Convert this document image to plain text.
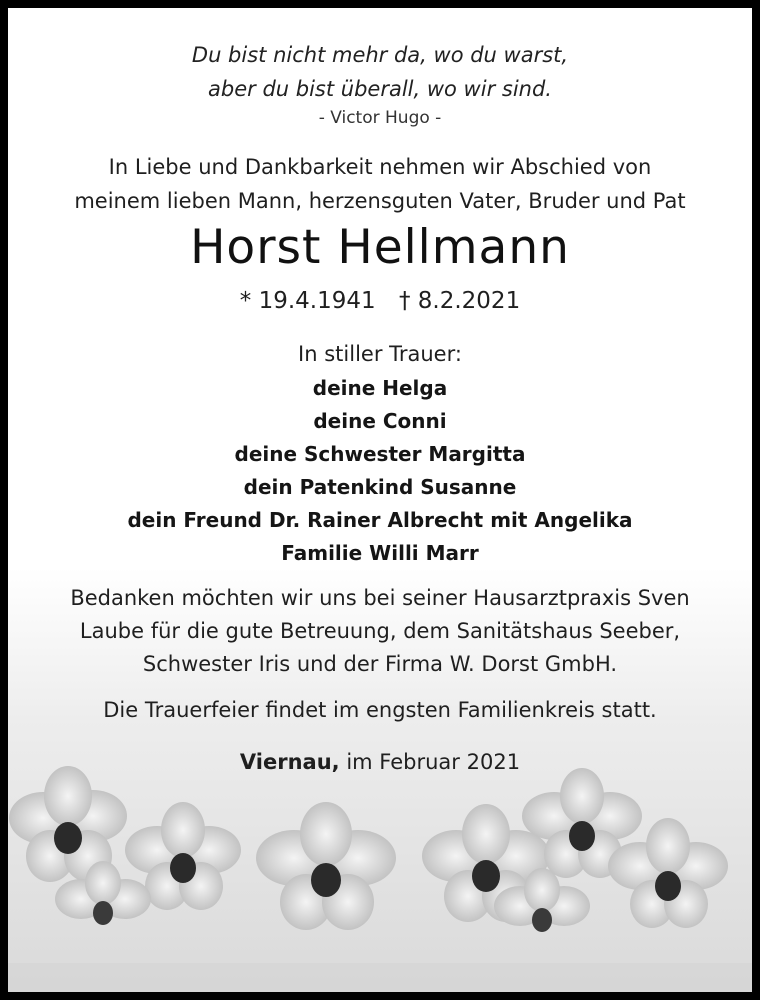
Du bist nicht mehr da, wo du warst,
aber du bist überall, wo wir sind.
- Victor Hugo -
In Liebe und Dankbarkeit nehmen wir Abschied von
meinem lieben Mann, herzensguten Vater, Bruder und Pat
Horst Hellmann
* 19.4.1941 † 8.2.2021
In stiller Trauer:
deine Helga
deine Conni
deine Schwester Margitta
dein Patenkind Susanne
dein Freund Dr. Rainer Albrecht mit Angelika
Familie Willi Marr
Bedanken möchten wir uns bei seiner Hausarztpraxis Sven
Laube für die gute Betreuung, dem Sanitätshaus Seeber,
Schwester Iris und der Firma W. Dorst GmbH.
Die Trauerfeier findet im engsten Familienkreis statt.
Viernau, im Februar 2021
